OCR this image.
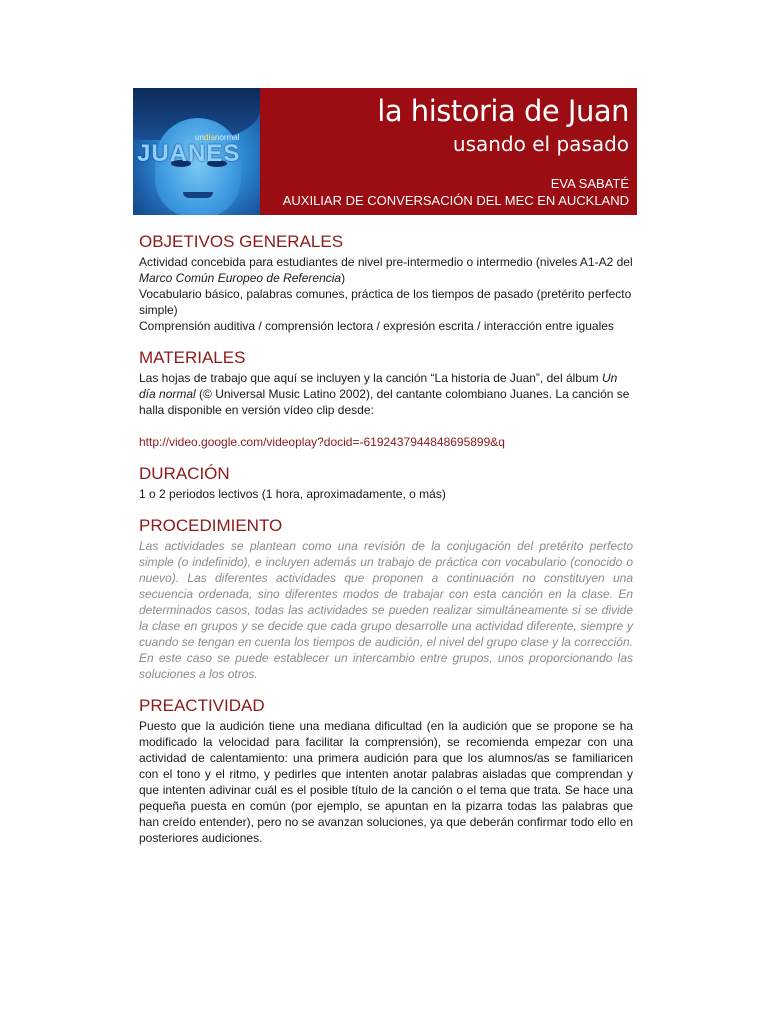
undíanormal
JUANES
la historia de Juan
usando el pasado
EVA SABATÉ
AUXILIAR DE CONVERSACIÓN DEL MEC EN AUCKLAND
OBJETIVOS GENERALES

Actividad concebida para estudiantes de nivel pre-intermedio o intermedio (niveles A1-A2 del Marco Común Europeo de Referencia)

Vocabulario básico, palabras comunes, práctica de los tiempos de pasado (pretérito perfecto simple)

Comprensión auditiva / comprensión lectora / expresión escrita / interacción entre iguales

MATERIALES

Las hojas de trabajo que aquí se incluyen y la canción “La historia de Juan”, del álbum Un día normal (© Universal Music Latino 2002), del cantante colombiano Juanes. La canción se halla disponible en versión vídeo clip desde:

http://video.google.com/videoplay?docid=-6192437944848695899&q

DURACIÓN

1 o 2 periodos lectivos (1 hora, aproximadamente, o más)

PROCEDIMIENTO

Las actividades se plantean como una revisión de la conjugación del pretérito perfecto simple (o indefinido), e incluyen además un trabajo de práctica con vocabulario (conocido o nuevo). Las diferentes actividades que proponen a continuación no constituyen una secuencia ordenada, sino diferentes modos de trabajar con esta canción en la clase. En determinados casos, todas las actividades se pueden realizar simultáneamente si se divide la clase en grupos y se decide que cada grupo desarrolle una actividad diferente, siempre y cuando se tengan en cuenta los tiempos de audición, el nivel del grupo clase y la corrección. En este caso se puede establecer un intercambio entre grupos, unos proporcionando las soluciones a los otros.

PREACTIVIDAD

Puesto que la audición tiene una mediana dificultad (en la audición que se propone se ha modificado la velocidad para facilitar la comprensión), se recomienda empezar con una actividad de calentamiento: una primera audición para que los alumnos/as se familiaricen con el tono y el ritmo, y pedirles que intenten anotar palabras aisladas que comprendan y que intenten adivinar cuál es el posible título de la canción o el tema que trata. Se hace una pequeña puesta en común (por ejemplo, se apuntan en la pizarra todas las palabras que han creído entender), pero no se avanzan soluciones, ya que deberán confirmar todo ello en posteriores audiciones.
